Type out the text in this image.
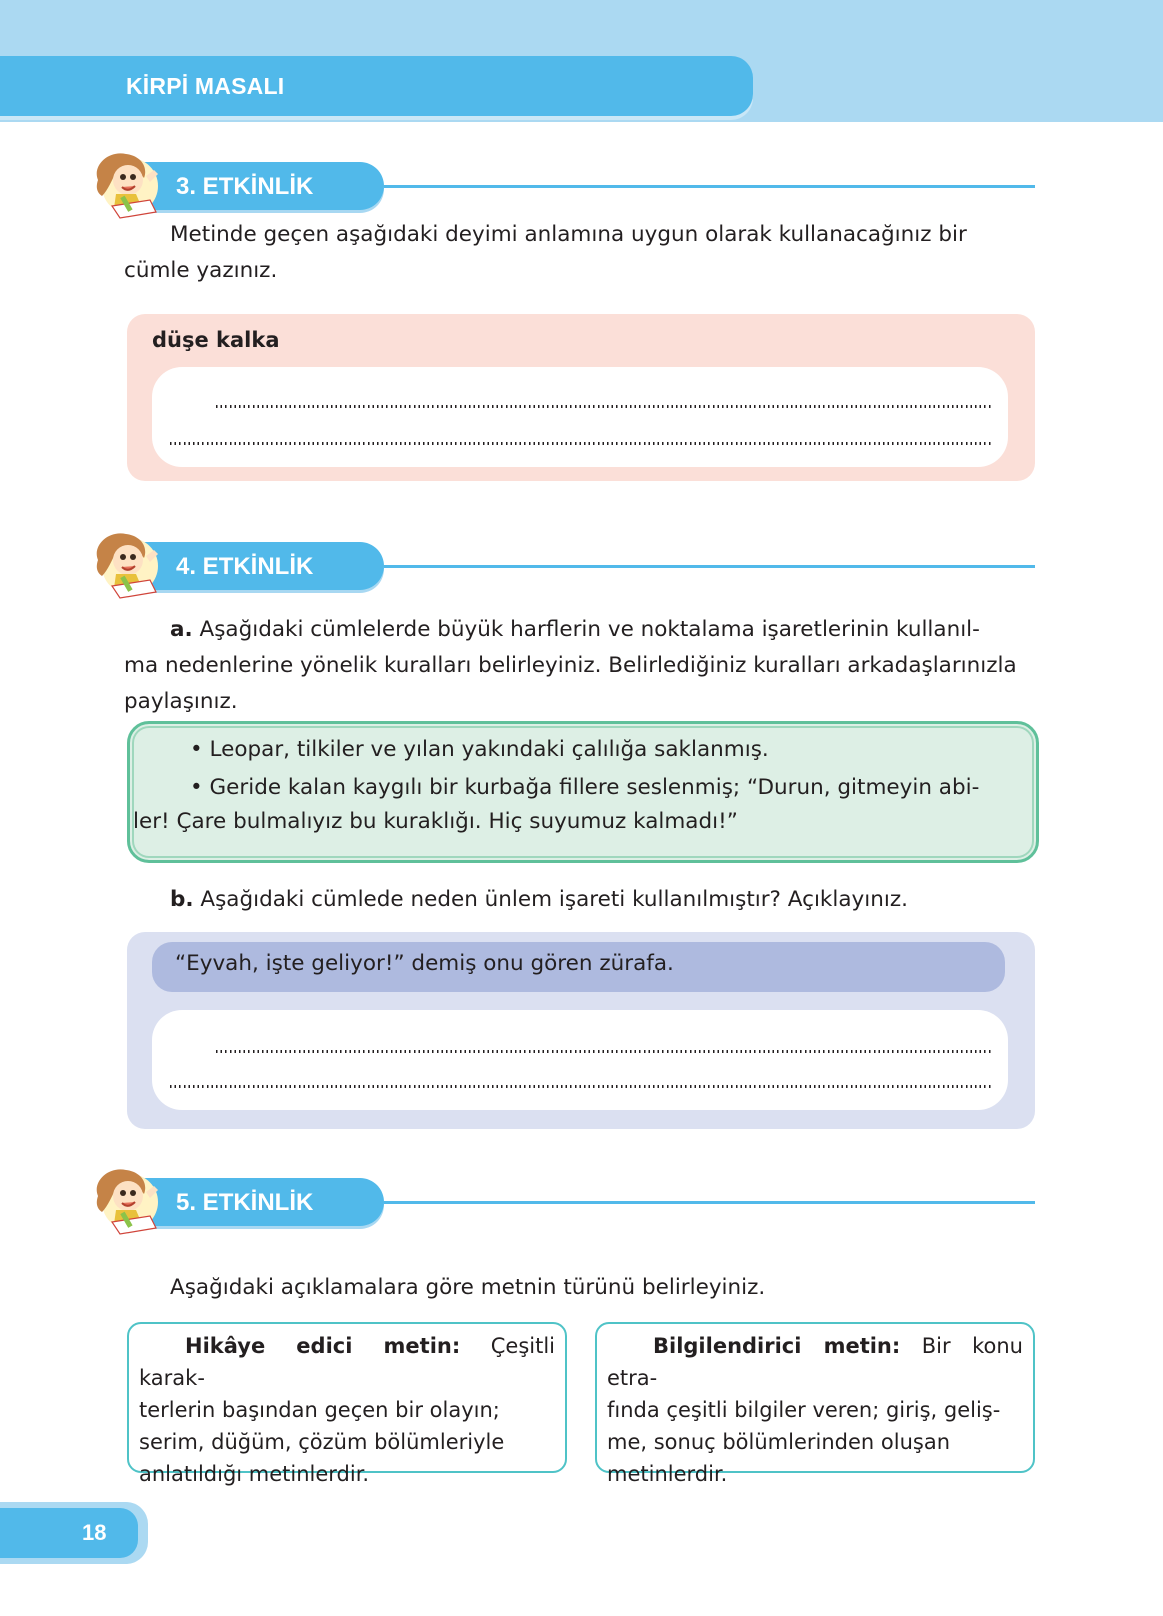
KİRPİ MASALI
3. ETKİNLİK

Metinde geçen aşağıdaki deyimi anlamına uygun olarak kullanacağınız bir
cümle yazınız.

düşe kalka
4. ETKİNLİK

a. Aşağıdaki cümlelerde büyük harflerin ve noktalama işaretlerinin kullanıl-
ma nedenlerine yönelik kuralları belirleyiniz. Belirlediğiniz kuralları arkadaşlarınızla
paylaşınız.

• Leopar, tilkiler ve yılan yakındaki çalılığa saklanmış.

• Geride kalan kaygılı bir kurbağa fillere seslenmiş; “Durun, gitmeyin abi-

ler! Çare bulmalıyız bu kuraklığı. Hiç suyumuz kalmadı!”

b. Aşağıdaki cümlede neden ünlem işareti kullanılmıştır? Açıklayınız.

“Eyvah, işte geliyor!” demiş onu gören zürafa.
5. ETKİNLİK

Aşağıdaki açıklamalara göre metnin türünü belirleyiniz.

Hikâye edici metin: Çeşitli karak-
terlerin başından geçen bir olayın;
serim, düğüm, çözüm bölümleriyle
anlatıldığı metinlerdir.

Bilgilendirici metin: Bir konu etra-
fında çeşitli bilgiler veren; giriş, geliş-
me, sonuç bölümlerinden oluşan
metinlerdir.

18
